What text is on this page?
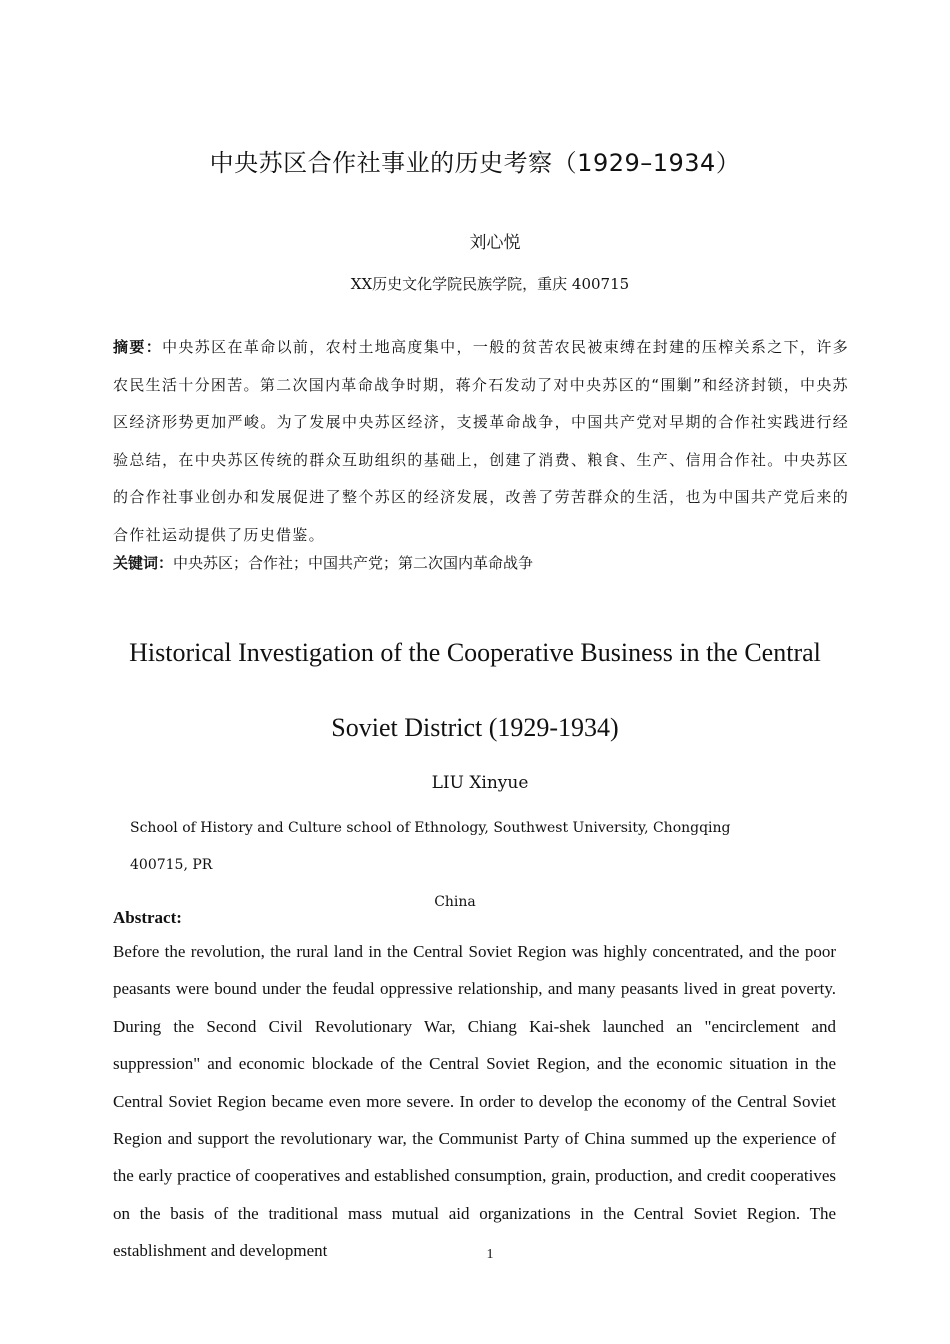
中央苏区合作社事业的历史考察（1929–1934）
刘心悦
XX历史文化学院民族学院，重庆 400715
摘要：中央苏区在革命以前，农村土地高度集中，一般的贫苦农民被束缚在封建的压榨关系之下，许多农民生活十分困苦。第二次国内革命战争时期，蒋介石发动了对中央苏区的“围剿”和经济封锁，中央苏区经济形势更加严峻。为了发展中央苏区经济，支援革命战争，中国共产党对早期的合作社实践进行经验总结，在中央苏区传统的群众互助组织的基础上，创建了消费、粮食、生产、信用合作社。中央苏区的合作社事业创办和发展促进了整个苏区的经济发展，改善了劳苦群众的生活，也为中国共产党后来的合作社运动提供了历史借鉴。
关键词：中央苏区；合作社；中国共产党；第二次国内革命战争
Historical Investigation of the Cooperative Business in the Central
Soviet District (1929-1934)
LIU Xinyue
School of History and Culture school of Ethnology, Southwest University, Chongqing 400715, PR
China
Abstract:
Before the revolution, the rural land in the Central Soviet Region was highly concentrated, and the poor peasants were bound under the feudal oppressive relationship, and many peasants lived in great poverty. During the Second Civil Revolutionary War, Chiang Kai-shek launched an "encirclement and suppression" and economic blockade of the Central Soviet Region, and the economic situation in the Central Soviet Region became even more severe. In order to develop the economy of the Central Soviet Region and support the revolutionary war, the Communist Party of China summed up the experience of the early practice of cooperatives and established consumption, grain, production, and credit cooperatives on the basis of the traditional mass mutual aid organizations in the Central Soviet Region. The establishment and development	1
